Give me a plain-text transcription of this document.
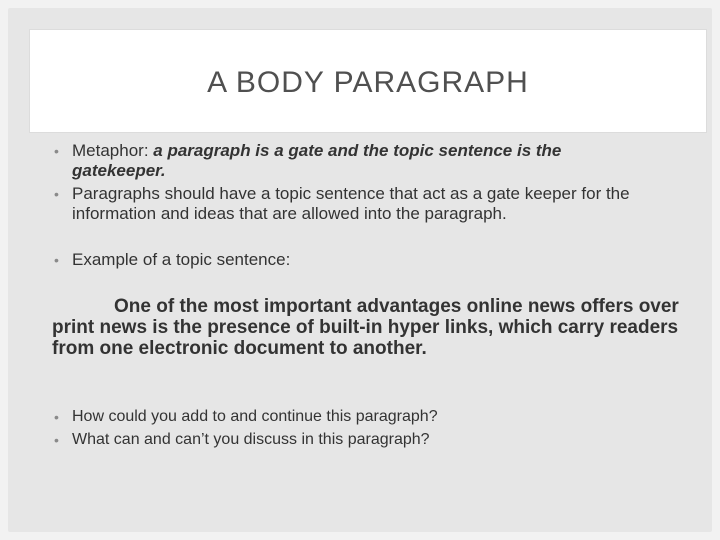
A BODY PARAGRAPH
• Metaphor: a paragraph is a gate and the topic sentence is the gatekeeper.
• Paragraphs should have a topic sentence that act as a gate keeper for the information and ideas that are allowed into the paragraph.
• Example of a topic sentence:
One of the most important advantages online news offers over print news is the presence of built-in hyper links, which carry readers from one electronic document to another.
• How could you add to and continue this paragraph?
• What can and can’t you discuss in this paragraph?
